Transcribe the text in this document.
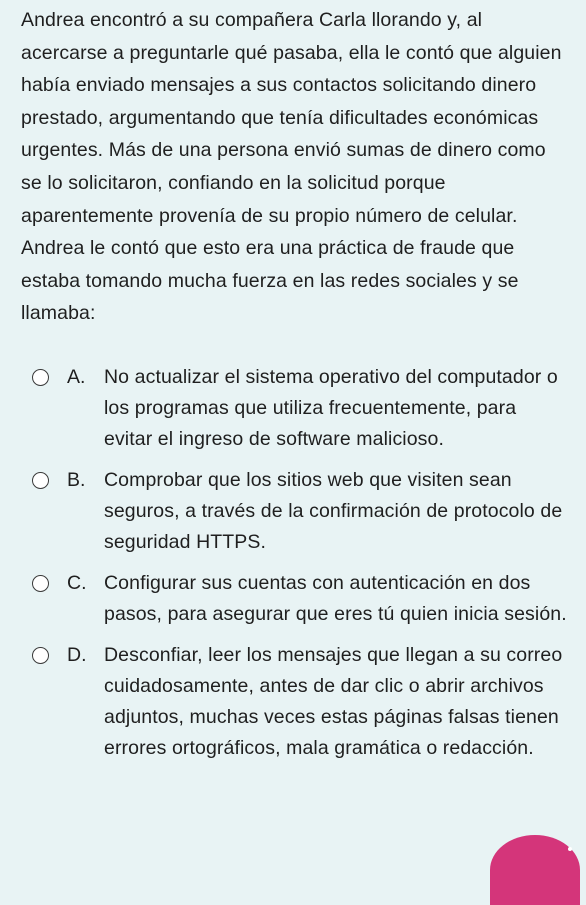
Andrea encontró a su compañera Carla llorando y, al acercarse a preguntarle qué pasaba, ella le contó que alguien había enviado mensajes a sus contactos solicitando dinero prestado, argumentando que tenía dificultades económicas urgentes. Más de una persona envió sumas de dinero como se lo solicitaron, confiando en la solicitud porque aparentemente provenía de su propio número de celular. Andrea le contó que esto era una práctica de fraude que estaba tomando mucha fuerza en las redes sociales y se llamaba:

A. No actualizar el sistema operativo del computador o los programas que utiliza frecuentemente, para evitar el ingreso de software malicioso.
B. Comprobar que los sitios web que visiten sean seguros, a través de la confirmación de protocolo de seguridad HTTPS.
C. Configurar sus cuentas con autenticación en dos pasos, para asegurar que eres tú quien inicia sesión.
D. Desconfiar, leer los mensajes que llegan a su correo cuidadosamente, antes de dar clic o abrir archivos adjuntos, muchas veces estas páginas falsas tienen errores ortográficos, mala gramática o redacción.
